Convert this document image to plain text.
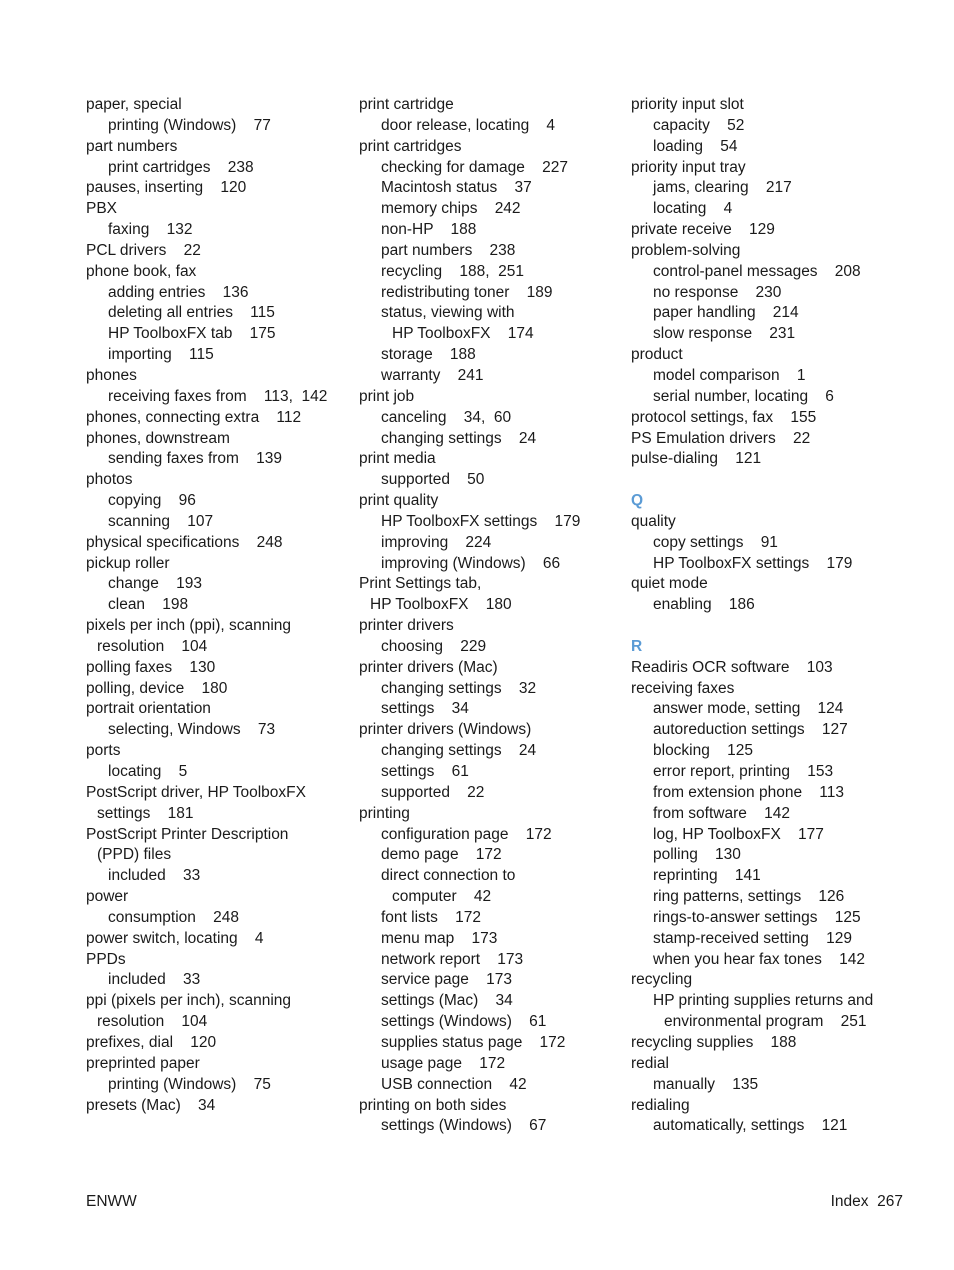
paper, special
printing (Windows)    77
part numbers
print cartridges    238
pauses, inserting    120
PBX
faxing    132
PCL drivers    22
phone book, fax
adding entries    136
deleting all entries    115
HP ToolboxFX tab    175
importing    115
phones
receiving faxes from    113,  142
phones, connecting extra    112
phones, downstream
sending faxes from    139
photos
copying    96
scanning    107
physical specifications    248
pickup roller
change    193
clean    198
pixels per inch (ppi), scanning
resolution    104
polling faxes    130
polling, device    180
portrait orientation
selecting, Windows    73
ports
locating    5
PostScript driver, HP ToolboxFX
settings    181
PostScript Printer Description
(PPD) files
included    33
power
consumption    248
power switch, locating    4
PPDs
included    33
ppi (pixels per inch), scanning
resolution    104
prefixes, dial    120
preprinted paper
printing (Windows)    75
presets (Mac)    34
print cartridge
door release, locating    4
print cartridges
checking for damage    227
Macintosh status    37
memory chips    242
non-HP    188
part numbers    238
recycling    188,  251
redistributing toner    189
status, viewing with
HP ToolboxFX    174
storage    188
warranty    241
print job
canceling    34,  60
changing settings    24
print media
supported    50
print quality
HP ToolboxFX settings    179
improving    224
improving (Windows)    66
Print Settings tab,
HP ToolboxFX    180
printer drivers
choosing    229
printer drivers (Mac)
changing settings    32
settings    34
printer drivers (Windows)
changing settings    24
settings    61
supported    22
printing
configuration page    172
demo page    172
direct connection to
computer    42
font lists    172
menu map    173
network report    173
service page    173
settings (Mac)    34
settings (Windows)    61
supplies status page    172
usage page    172
USB connection    42
printing on both sides
settings (Windows)    67
priority input slot
capacity    52
loading    54
priority input tray
jams, clearing    217
locating    4
private receive    129
problem-solving
control-panel messages    208
no response    230
paper handling    214
slow response    231
product
model comparison    1
serial number, locating    6
protocol settings, fax    155
PS Emulation drivers    22
pulse-dialing    121
Q
quality
copy settings    91
HP ToolboxFX settings    179
quiet mode
enabling    186
R
Readiris OCR software    103
receiving faxes
answer mode, setting    124
autoreduction settings    127
blocking    125
error report, printing    153
from extension phone    113
from software    142
log, HP ToolboxFX    177
polling    130
reprinting    141
ring patterns, settings    126
rings-to-answer settings    125
stamp-received setting    129
when you hear fax tones    142
recycling
HP printing supplies returns and
environmental program    251
recycling supplies    188
redial
manually    135
redialing
automatically, settings    121
ENWW	Index  267
